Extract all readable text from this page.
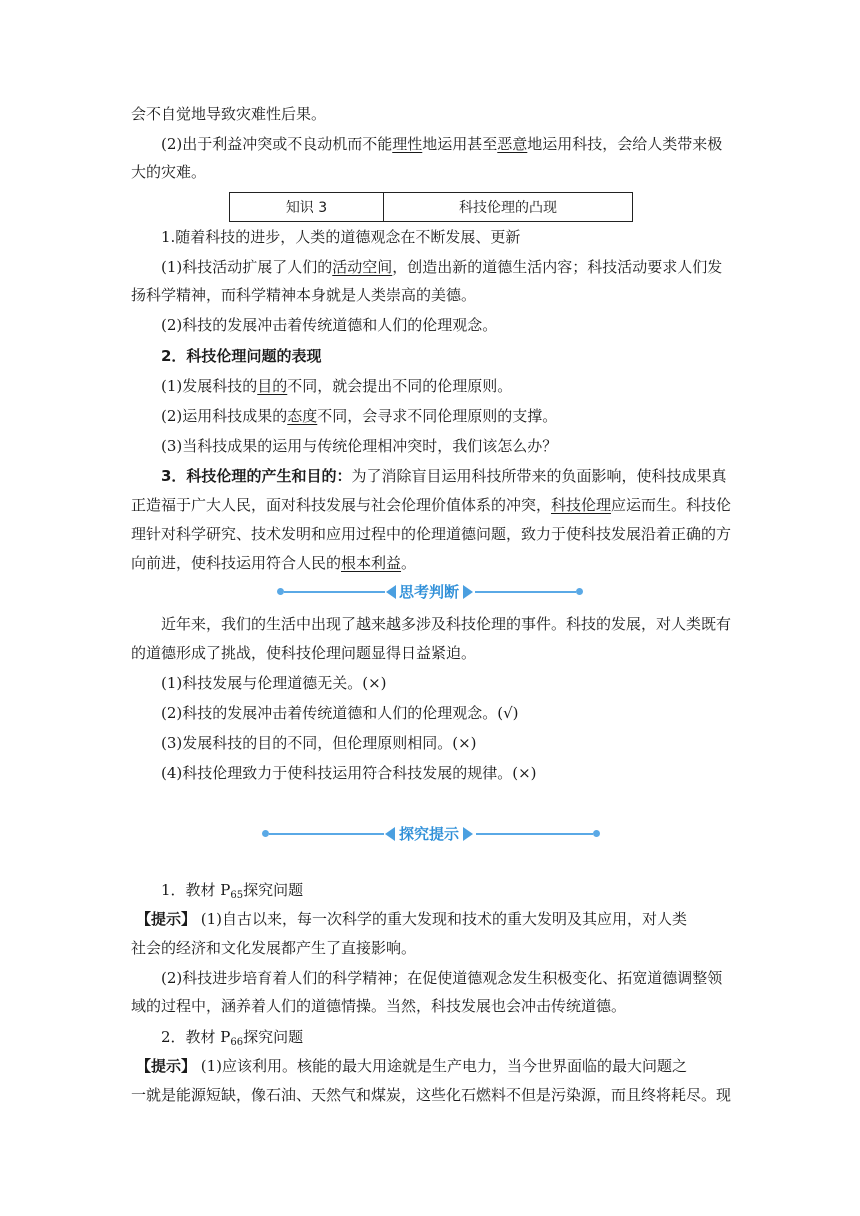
会不自觉地导致灾难性后果。
(2)出于利益冲突或不良动机而不能理性地运用甚至恶意地运用科技，会给人类带来极
大的灾难。
知识 3	科技伦理的凸现
1.随着科技的进步，人类的道德观念在不断发展、更新
(1)科技活动扩展了人们的活动空间，创造出新的道德生活内容；科技活动要求人们发
扬科学精神，而科学精神本身就是人类崇高的美德。
(2)科技的发展冲击着传统道德和人们的伦理观念。
2．科技伦理问题的表现
(1)发展科技的目的不同，就会提出不同的伦理原则。
(2)运用科技成果的态度不同，会寻求不同伦理原则的支撑。
(3)当科技成果的运用与传统伦理相冲突时，我们该怎么办？
3．科技伦理的产生和目的：为了消除盲目运用科技所带来的负面影响，使科技成果真
正造福于广大人民，面对科技发展与社会伦理价值体系的冲突，科技伦理应运而生。科技伦
理针对科学研究、技术发明和应用过程中的伦理道德问题，致力于使科技发展沿着正确的方
向前进，使科技运用符合人民的根本利益。
思考判断
近年来，我们的生活中出现了越来越多涉及科技伦理的事件。科技的发展，对人类既有
的道德形成了挑战，使科技伦理问题显得日益紧迫。
(1)科技发展与伦理道德无关。(×)
(2)科技的发展冲击着传统道德和人们的伦理观念。(√)
(3)发展科技的目的不同，但伦理原则相同。(×)
(4)科技伦理致力于使科技运用符合科技发展的规律。(×)
探究提示
1．教材 $P_{65}$探究问题
【提示】 (1)自古以来，每一次科学的重大发现和技术的重大发明及其应用，对人类
社会的经济和文化发展都产生了直接影响。
(2)科技进步培育着人们的科学精神；在促使道德观念发生积极变化、拓宽道德调整领
域的过程中，涵养着人们的道德情操。当然，科技发展也会冲击传统道德。
2．教材 $P_{66}$探究问题
【提示】 (1)应该利用。核能的最大用途就是生产电力，当今世界面临的最大问题之
一就是能源短缺，像石油、天然气和煤炭，这些化石燃料不但是污染源，而且终将耗尽。现
